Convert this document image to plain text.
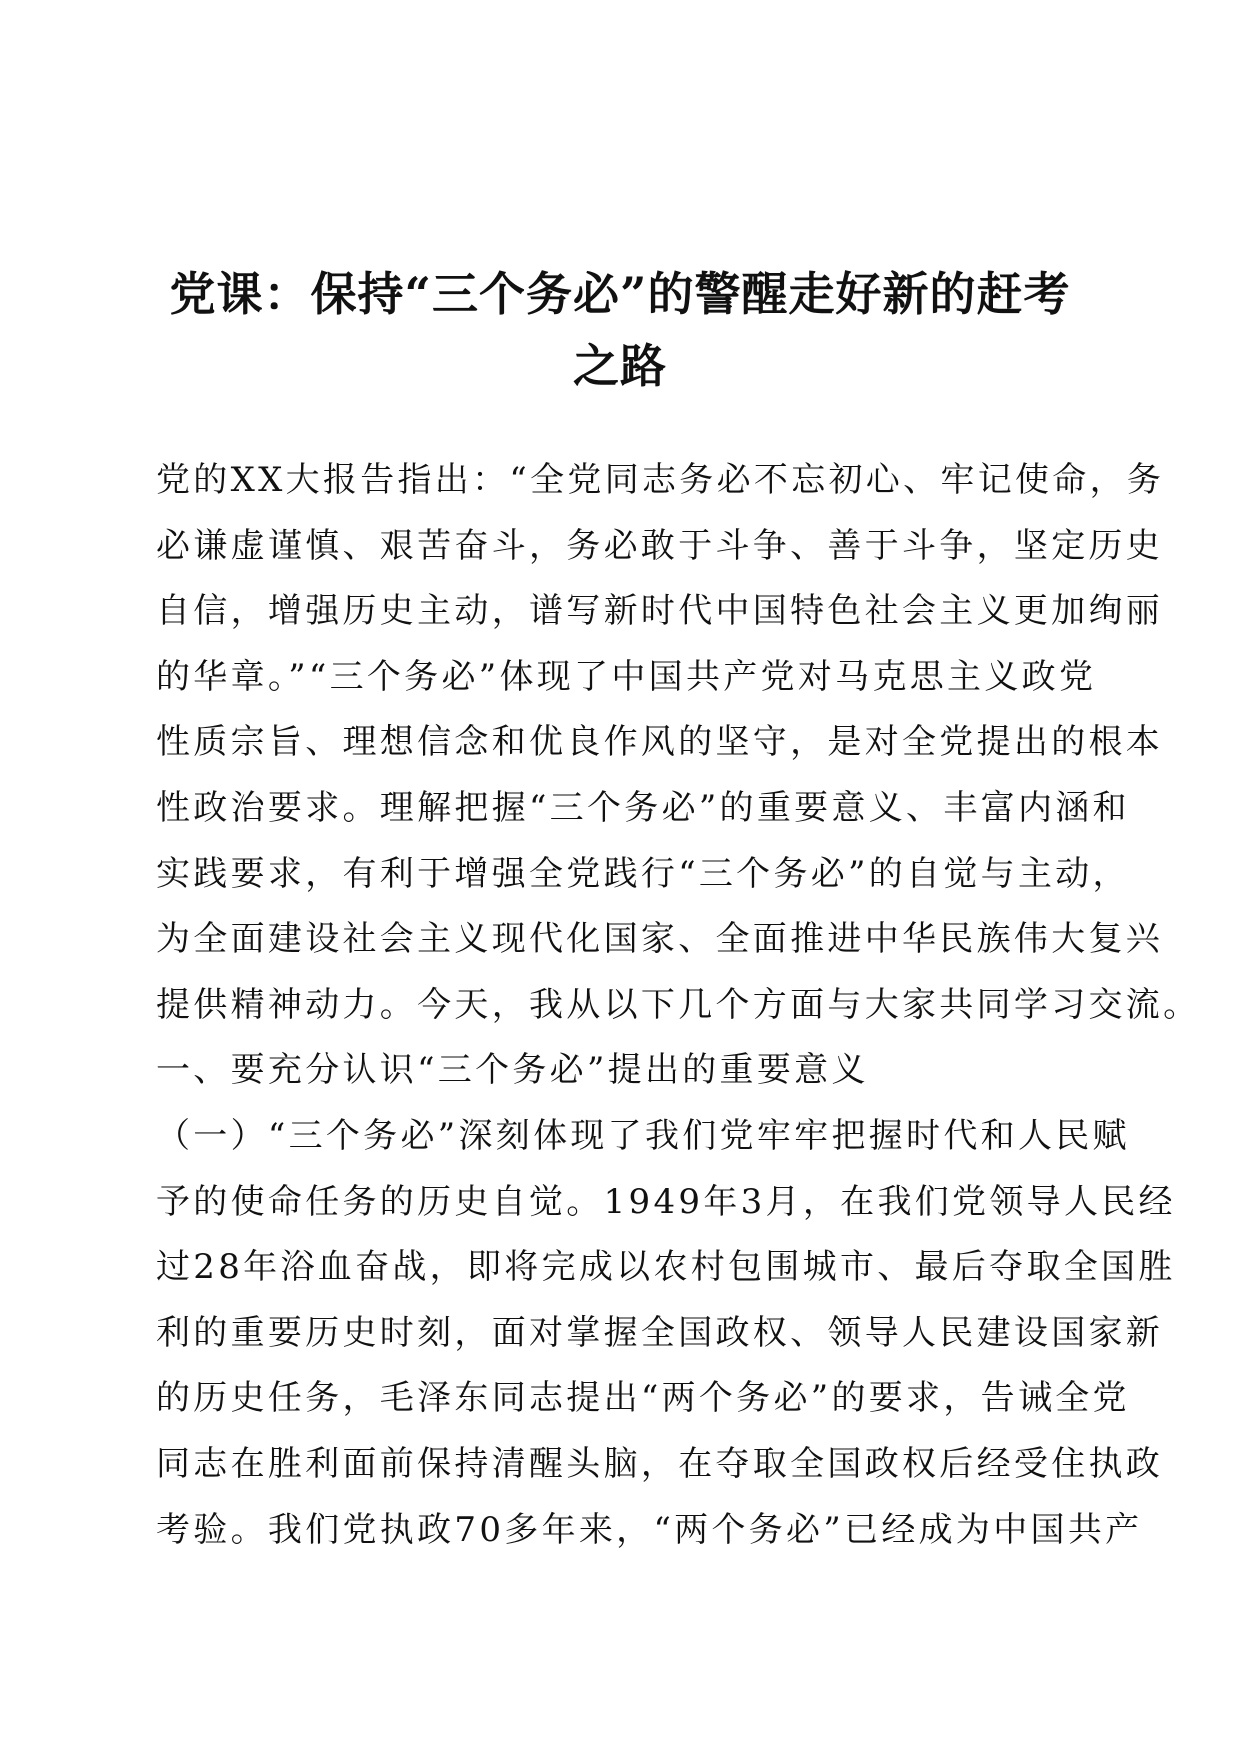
党课：保持“三个务必”的警醒走好新的赶考之路
党的XX大报告指出：“全党同志务必不忘初心、牢记使命，务
必谦虚谨慎、艰苦奋斗，务必敢于斗争、善于斗争，坚定历史
自信，增强历史主动，谱写新时代中国特色社会主义更加绚丽
的华章。”“三个务必”体现了中国共产党对马克思主义政党
性质宗旨、理想信念和优良作风的坚守，是对全党提出的根本
性政治要求。理解把握“三个务必”的重要意义、丰富内涵和
实践要求，有利于增强全党践行“三个务必”的自觉与主动，
为全面建设社会主义现代化国家、全面推进中华民族伟大复兴
提供精神动力。今天，我从以下几个方面与大家共同学习交流。
一、要充分认识“三个务必”提出的重要意义
（一）“三个务必”深刻体现了我们党牢牢把握时代和人民赋
予的使命任务的历史自觉。1949年3月，在我们党领导人民经
过28年浴血奋战，即将完成以农村包围城市、最后夺取全国胜
利的重要历史时刻，面对掌握全国政权、领导人民建设国家新
的历史任务，毛泽东同志提出“两个务必”的要求，告诫全党
同志在胜利面前保持清醒头脑，在夺取全国政权后经受住执政
考验。我们党执政70多年来，“两个务必”已经成为中国共产
